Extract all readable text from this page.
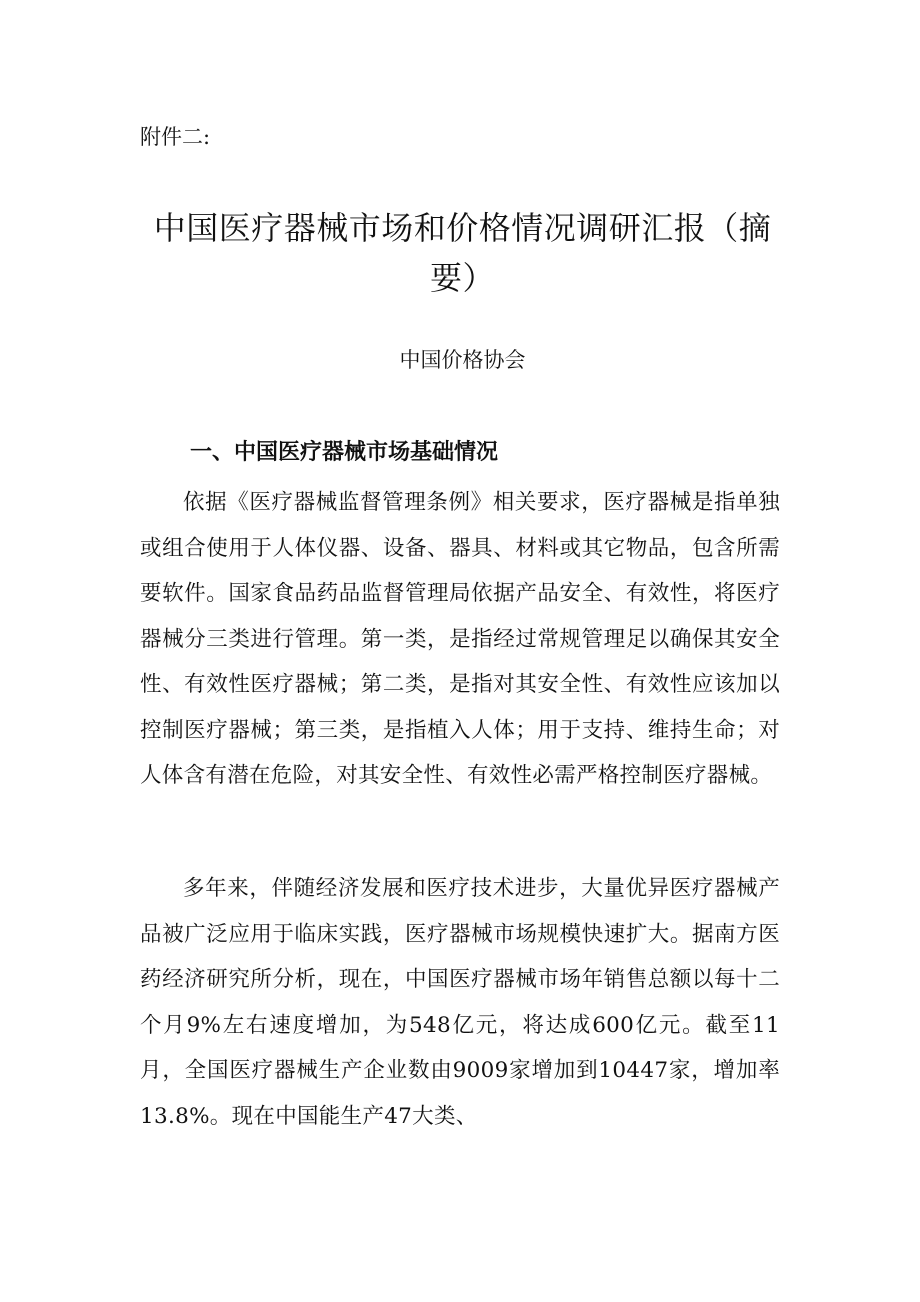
附件二:
中国医疗器械市场和价格情况调研汇报（摘要）
中国价格协会
一、中国医疗器械市场基础情况

依据《医疗器械监督管理条例》相关要求，医疗器械是指单独或组合使用于人体仪器、设备、器具、材料或其它物品，包含所需要软件。国家食品药品监督管理局依据产品安全、有效性，将医疗器械分三类进行管理。第一类，是指经过常规管理足以确保其安全性、有效性医疗器械；第二类，是指对其安全性、有效性应该加以控制医疗器械；第三类，是指植入人体；用于支持、维持生命；对人体含有潜在危险，对其安全性、有效性必需严格控制医疗器械。

多年来，伴随经济发展和医疗技术进步，大量优异医疗器械产品被广泛应用于临床实践，医疗器械市场规模快速扩大。据南方医药经济研究所分析，现在，中国医疗器械市场年销售总额以每十二个月9%左右速度增加，为548亿元，将达成600亿元。截至11月，全国医疗器械生产企业数由9009家增加到10447家，增加率13.8%。现在中国能生产47大类、
